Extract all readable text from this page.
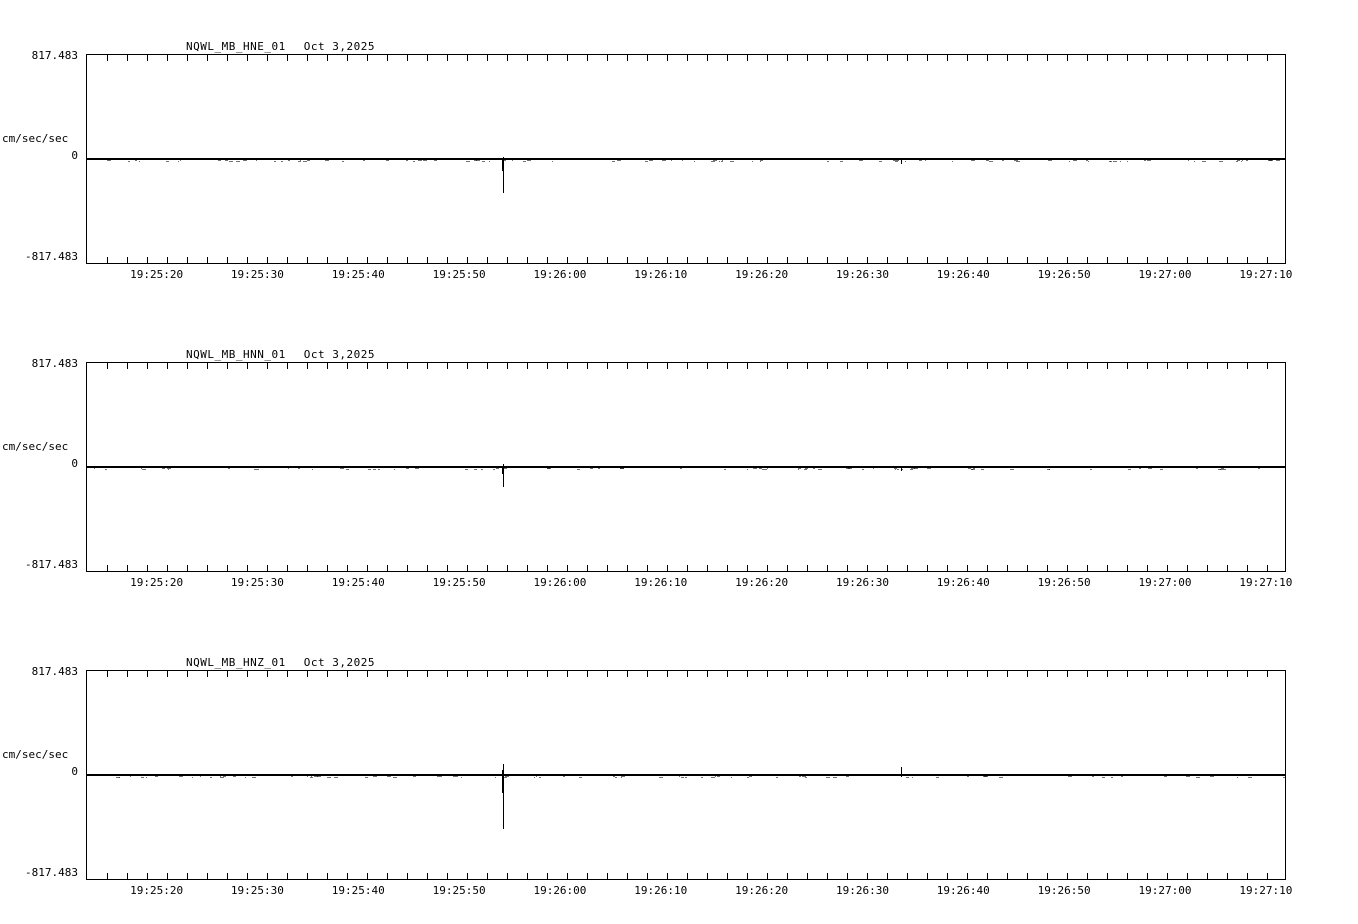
NQWL_MB_HNE_01 Oct 3,2025
cm/sec/sec
817.483
0
-817.483
19:25:20	19:25:30	19:25:40	19:25:50	19:26:00	19:26:10	19:26:20	19:26:30	19:26:40	19:26:50	19:27:00	19:27:10
NQWL_MB_HNN_01 Oct 3,2025
cm/sec/sec
817.483
0
-817.483
19:25:20	19:25:30	19:25:40	19:25:50	19:26:00	19:26:10	19:26:20	19:26:30	19:26:40	19:26:50	19:27:00	19:27:10
NQWL_MB_HNZ_01 Oct 3,2025
cm/sec/sec
817.483
0
-817.483
19:25:20	19:25:30	19:25:40	19:25:50	19:26:00	19:26:10	19:26:20	19:26:30	19:26:40	19:26:50	19:27:00	19:27:10
